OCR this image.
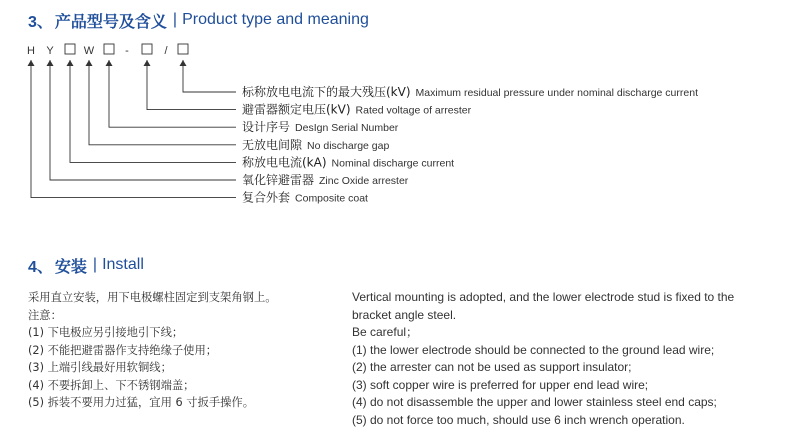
3、 产品型号及含义 | Product type and meaning
H Y	W	-	/
标称放电电流下的最大残压(kV) Maximum residual pressure under nominal discharge current
避雷器额定电压(kV) Rated voltage of arrester
设计序号 DesIgn Serial Number
无放电间隙 No discharge gap
称放电电流(kA) Nominal discharge current
氧化锌避雷器 Zinc Oxide arrester
复合外套 Composite coat
4、 安装 | Install
采用直立安装，用下电极螺柱固定到支架角钢上。
注意：
(1) 下电极应另引接地引下线；
(2) 不能把避雷器作支持绝缘子使用；
(3) 上端引线最好用软铜线；
(4) 不要拆卸上、下不锈钢端盖；
(5) 拆装不要用力过猛，宜用 6 寸扳手操作。
Vertical mounting is adopted, and the lower electrode stud is fixed to the
bracket angle steel.
Be careful；
(1) the lower electrode should be connected to the ground lead wire;
(2) the arrester can not be used as support insulator;
(3) soft copper wire is preferred for upper end lead wire;
(4) do not disassemble the upper and lower stainless steel end caps;
(5) do not force too much, should use 6 inch wrench operation.
